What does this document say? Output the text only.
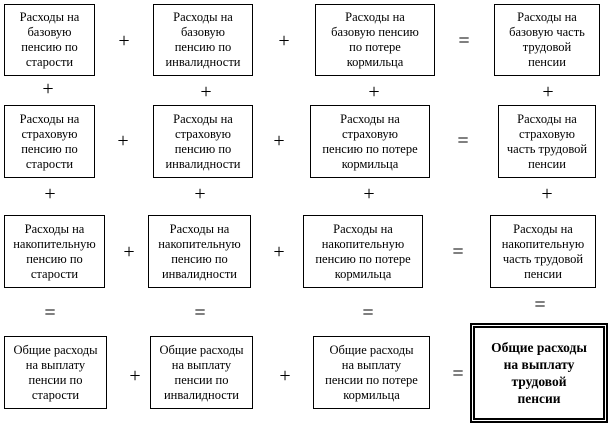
Расходы на
базовую
пенсию по
старости
Расходы на
базовую
пенсию по
инвалидности
Расходы на
базовую пенсию
по потере
кормильца
Расходы на
базовую часть
трудовой
пенсии
+	+	=
+	+	+	+
Расходы на
страховую
пенсию по
старости
Расходы на
страховую
пенсию по
инвалидности
Расходы на
страховую
пенсию по потере
кормильца
Расходы на
страховую
часть трудовой
пенсии
+	+	=
+	+	+	+
Расходы на
накопительную
пенсию по
старости
Расходы на
накопительную
пенсию по
инвалидности
Расходы на
накопительную
пенсию по потере
кормильца
Расходы на
накопительную
часть трудовой
пенсии
+	+	=
=	=	=	=
Общие расходы
на выплату
пенсии по
старости
Общие расходы
на выплату
пенсии по
инвалидности
Общие расходы
на выплату
пенсии по потере
кормильца
Общие расходы
на выплату
трудовой
пенсии
+	+	=
